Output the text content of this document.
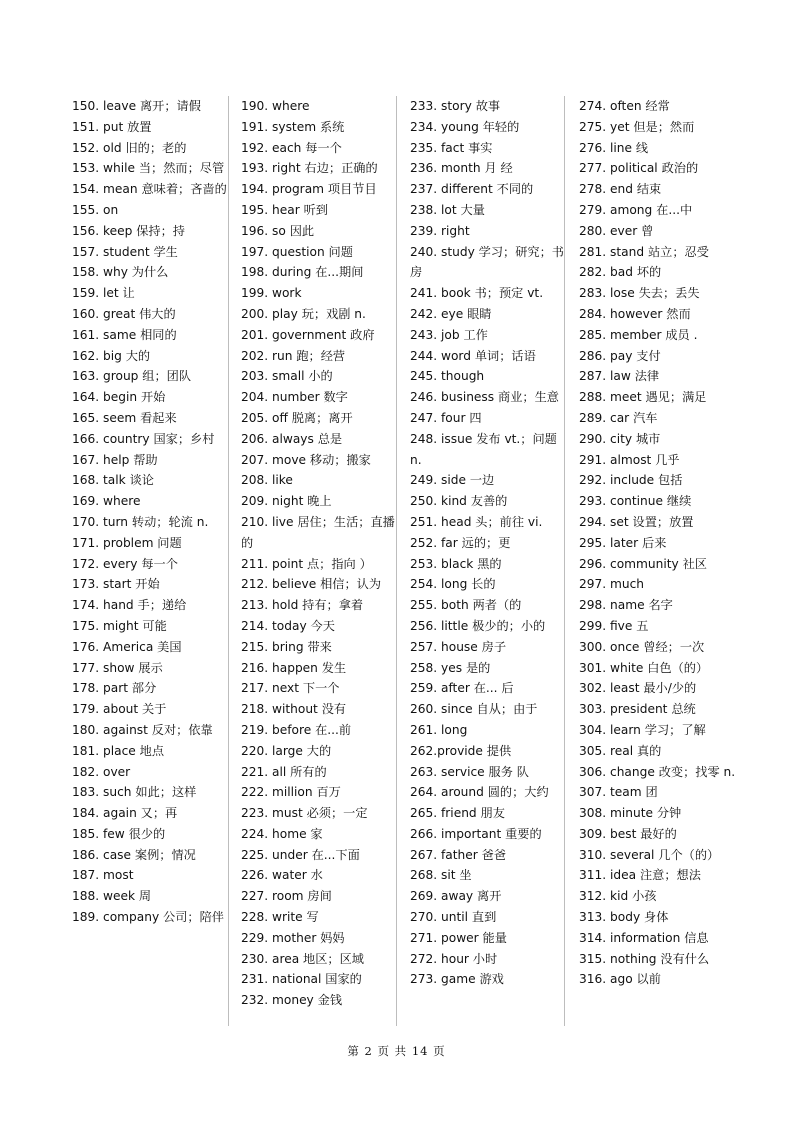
150. leave 离开；请假
151. put 放置
152. old 旧的；老的
153. while 当；然而；尽管
154. mean 意味着；吝啬的
155. on
156. keep 保持；持
157. student 学生
158. why 为什么
159. let 让
160. great 伟大的
161. same 相同的
162. big 大的
163. group 组；团队
164. begin 开始
165. seem 看起来
166. country 国家；乡村
167. help 帮助
168. talk 谈论
169. where
170. turn 转动；轮流 n.
171. problem 问题
172. every 每一个
173. start 开始
174. hand 手；递给
175. might 可能
176. America 美国
177. show 展示
178. part 部分
179. about 关于
180. against 反对；依靠
181. place 地点
182. over
183. such 如此；这样
184. again 又；再
185. few 很少的
186. case 案例；情况
187. most
188. week 周
189. company 公司；陪伴
190. where
191. system 系统
192. each 每一个
193. right 右边；正确的
194. program 项目节目
195. hear 听到
196. so 因此
197. question 问题
198. during 在...期间
199. work
200. play 玩；戏剧 n.
201. government 政府
202. run 跑；经营
203. small 小的
204. number 数字
205. off 脱离；离开
206. always 总是
207. move 移动；搬家
208. like
209. night 晚上
210. live 居住；生活；直播的
211. point 点；指向 ）
212. believe 相信；认为
213. hold 持有；拿着
214. today 今天
215. bring 带来
216. happen 发生
217. next 下一个
218. without 没有
219. before 在...前
220. large 大的
221. all 所有的
222. million 百万
223. must 必须；一定
224. home 家
225. under 在...下面
226. water 水
227. room 房间
228. write 写
229. mother 妈妈
230. area 地区；区域
231. national 国家的
232. money 金钱
233. story 故事
234. young 年轻的
235. fact 事实
236. month 月 经
237. different 不同的
238. lot 大量
239. right
240. study 学习；研究；书房
241. book 书；预定 vt.
242. eye 眼睛
243. job 工作
244. word 单词；话语
245. though
246. business 商业；生意
247. four 四
248. issue 发布 vt.；问题 n.
249. side 一边
250. kind 友善的
251. head 头；前往 vi.
252. far 远的；更
253. black 黑的
254. long 长的
255. both 两者（的
256. little 极少的；小的
257. house 房子
258. yes 是的
259. after 在... 后
260. since 自从；由于
261. long
262.provide 提供
263. service 服务 队
264. around 圆的；大约
265. friend 朋友
266. important 重要的
267. father 爸爸
268. sit 坐
269. away 离开
270. until 直到
271. power 能量
272. hour 小时
273. game 游戏
274. often 经常
275. yet 但是；然而
276. line 线
277. political 政治的
278. end 结束
279. among 在...中
280. ever 曾
281. stand 站立；忍受
282. bad 坏的
283. lose 失去；丢失
284. however 然而
285. member 成员 .
286. pay 支付
287. law 法律
288. meet 遇见；满足
289. car 汽车
290. city 城市
291. almost 几乎
292. include 包括
293. continue 继续
294. set 设置；放置
295. later 后来
296. community 社区
297. much
298. name 名字
299. five 五
300. once 曾经；一次
301. white 白色（的）
302. least 最小/少的
303. president 总统
304. learn 学习；了解
305. real 真的
306. change 改变；找零 n.
307. team 团
308. minute 分钟
309. best 最好的
310. several 几个（的）
311. idea 注意；想法
312. kid 小孩
313. body 身体
314. information 信息
315. nothing 没有什么
316. ago 以前
第 2 页 共 14 页
